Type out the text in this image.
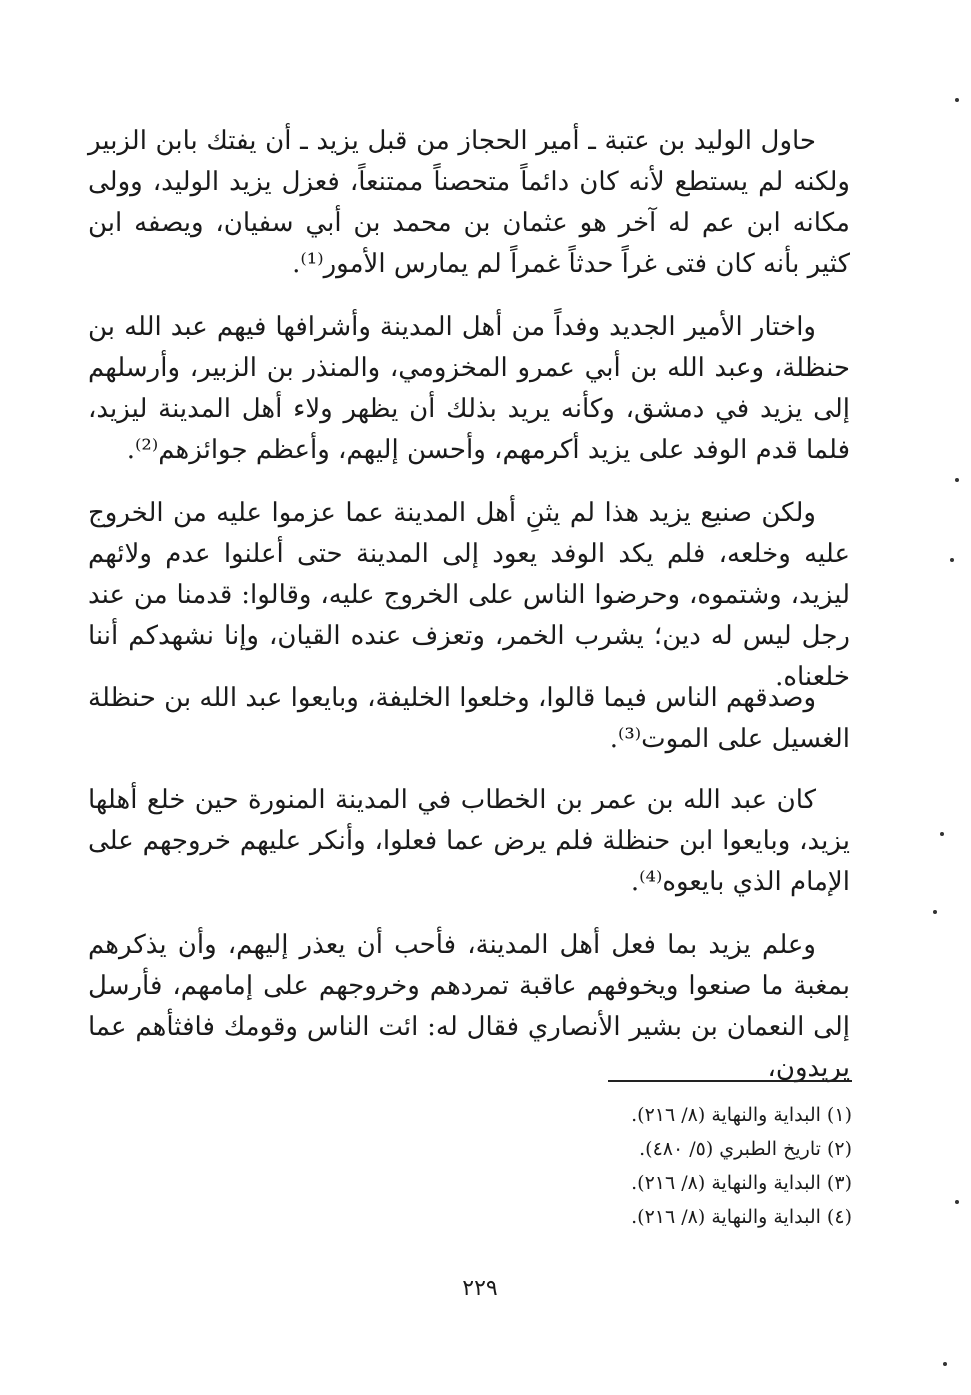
حاول الوليد بن عتبة ـ أمير الحجاز من قبل يزيد ـ أن يفتك بابن الزبير ولكنه لم يستطع لأنه كان دائماً متحصناً ممتنعاً، فعزل يزيد الوليد، وولى مكانه ابن عم له آخر هو عثمان بن محمد بن أبي سفيان، ويصفه ابن كثير بأنه كان فتى غراً حدثاً غمراً لم يمارس الأمور⁽¹⁾.

واختار الأمير الجديد وفداً من أهل المدينة وأشرافها فيهم عبد الله بن حنظلة، وعبد الله بن أبي عمرو المخزومي، والمنذر بن الزبير، وأرسلهم إلى يزيد في دمشق، وكأنه يريد بذلك أن يظهر ولاء أهل المدينة ليزيد، فلما قدم الوفد على يزيد أكرمهم، وأحسن إليهم، وأعظم جوائزهم⁽²⁾.

ولكن صنيع يزيد هذا لم يثنِ أهل المدينة عما عزموا عليه من الخروج عليه وخلعه، فلم يكد الوفد يعود إلى المدينة حتى أعلنوا عدم ولائهم ليزيد، وشتموه، وحرضوا الناس على الخروج عليه، وقالوا: قدمنا من عند رجل ليس له دين؛ يشرب الخمر، وتعزف عنده القيان، وإنا نشهدكم أننا خلعناه.

وصدقهم الناس فيما قالوا، وخلعوا الخليفة، وبايعوا عبد الله بن حنظلة الغسيل على الموت⁽³⁾.

كان عبد الله بن عمر بن الخطاب في المدينة المنورة حين خلع أهلها يزيد، وبايعوا ابن حنظلة فلم يرض عما فعلوا، وأنكر عليهم خروجهم على الإمام الذي بايعوه⁽⁴⁾.

وعلم يزيد بما فعل أهل المدينة، فأحب أن يعذر إليهم، وأن يذكرهم بمغبة ما صنعوا ويخوفهم عاقبة تمردهم وخروجهم على إمامهم، فأرسل إلى النعمان بن بشير الأنصاري فقال له: ائت الناس وقومك فافثأهم عما يريدون،

(١) البداية والنهاية (٨/ ٢١٦).

(٢) تاريخ الطبري (٥/ ٤٨٠).

(٣) البداية والنهاية (٨/ ٢١٦).

(٤) البداية والنهاية (٨/ ٢١٦).

٢٢٩
